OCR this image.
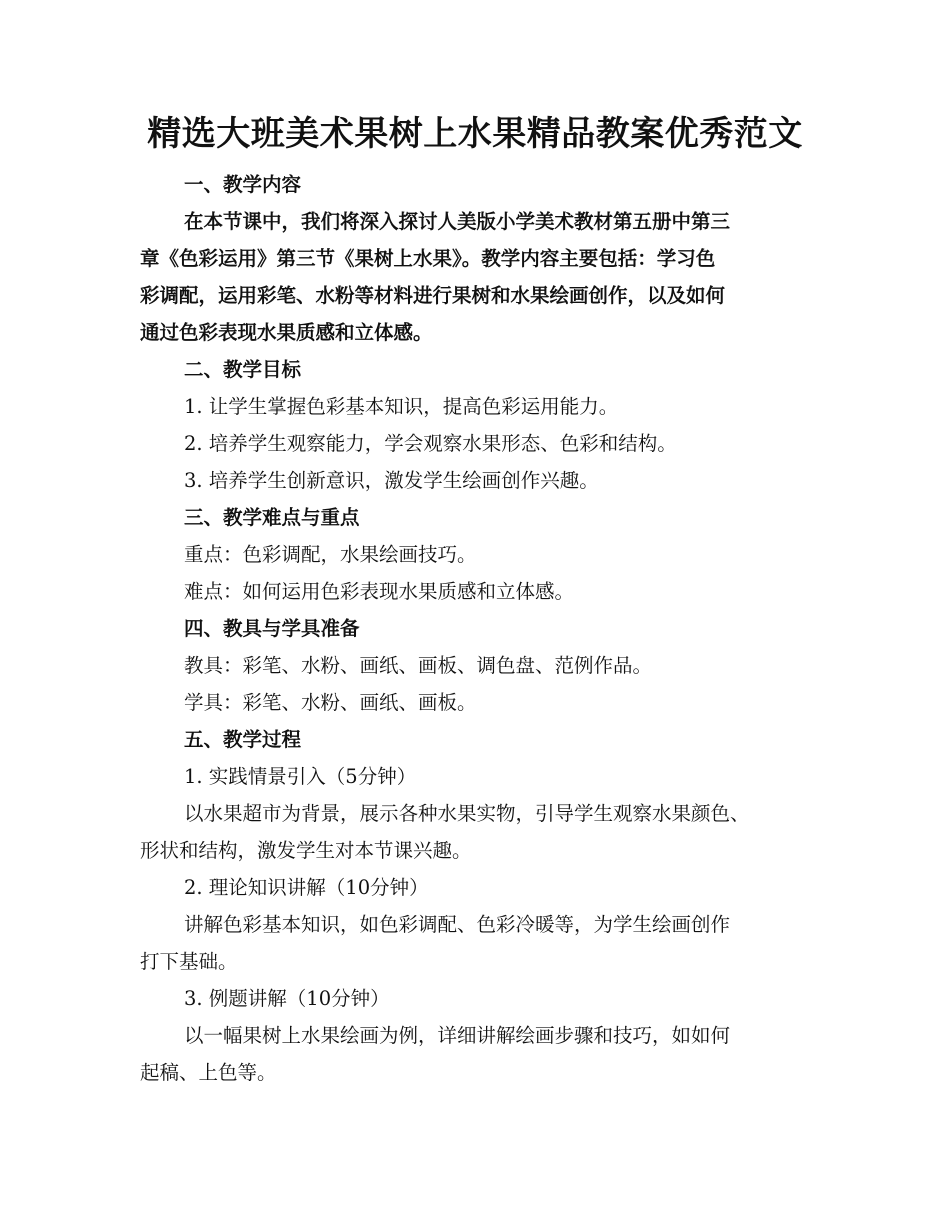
精选大班美术果树上水果精品教案优秀范文
一、教学内容
在本节课中，我们将深入探讨人美版小学美术教材第五册中第三
章《色彩运用》第三节《果树上水果》。教学内容主要包括：学习色
彩调配，运用彩笔、水粉等材料进行果树和水果绘画创作，以及如何
通过色彩表现水果质感和立体感。
二、教学目标
1. 让学生掌握色彩基本知识，提高色彩运用能力。
2. 培养学生观察能力，学会观察水果形态、色彩和结构。
3. 培养学生创新意识，激发学生绘画创作兴趣。
三、教学难点与重点
重点：色彩调配，水果绘画技巧。
难点：如何运用色彩表现水果质感和立体感。
四、教具与学具准备
教具：彩笔、水粉、画纸、画板、调色盘、范例作品。
学具：彩笔、水粉、画纸、画板。
五、教学过程
1. 实践情景引入（5分钟）
以水果超市为背景，展示各种水果实物，引导学生观察水果颜色、
形状和结构，激发学生对本节课兴趣。
2. 理论知识讲解（10分钟）
讲解色彩基本知识，如色彩调配、色彩冷暖等，为学生绘画创作
打下基础。
3. 例题讲解（10分钟）
以一幅果树上水果绘画为例，详细讲解绘画步骤和技巧，如如何
起稿、上色等。
